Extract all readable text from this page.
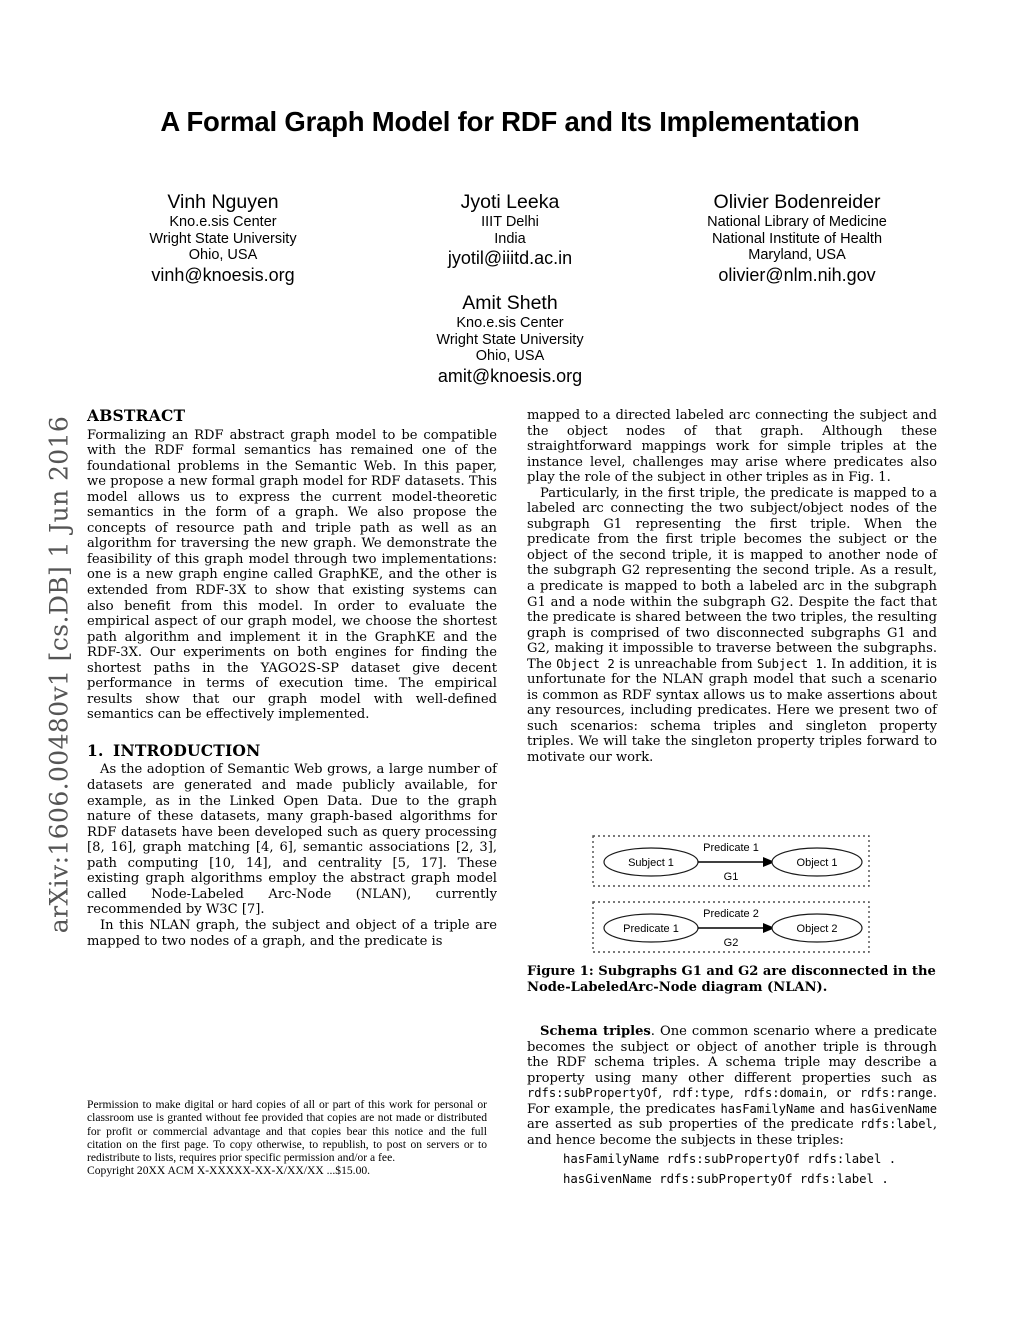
arXiv:1606.00480v1 [cs.DB] 1 Jun 2016
A Formal Graph Model for RDF and Its Implementation
Vinh Nguyen
Kno.e.sis Center
Wright State University
Ohio, USA
vinh@knoesis.org
Jyoti Leeka
IIIT Delhi
India
jyotil@iiitd.ac.in
Olivier Bodenreider
National Library of Medicine
National Institute of Health
Maryland, USA
olivier@nlm.nih.gov
Amit Sheth
Kno.e.sis Center
Wright State University
Ohio, USA
amit@knoesis.org
ABSTRACT

Formalizing an RDF abstract graph model to be compatible with the RDF formal semantics has remained one of the foundational problems in the Semantic Web. In this paper, we propose a new formal graph model for RDF datasets. This model allows us to express the current model-theoretic semantics in the form of a graph. We also propose the concepts of resource path and triple path as well as an algorithm for traversing the new graph. We demonstrate the feasibility of this graph model through two implementations: one is a new graph engine called GraphKE, and the other is extended from RDF-3X to show that existing systems can also benefit from this model. In order to evaluate the empirical aspect of our graph model, we choose the shortest path algorithm and implement it in the GraphKE and the RDF-3X. Our experiments on both engines for finding the shortest paths in the YAGO2S-SP dataset give decent performance in terms of execution time. The empirical results show that our graph model with well-defined semantics can be effectively implemented.

1. INTRODUCTION

As the adoption of Semantic Web grows, a large number of datasets are generated and made publicly available, for example, as in the Linked Open Data. Due to the graph nature of these datasets, many graph-based algorithms for RDF datasets have been developed such as query processing [8, 16], graph matching [4, 6], semantic associations [2, 3], path computing [10, 14], and centrality [5, 17]. These existing graph algorithms employ the abstract graph model called Node-Labeled Arc-Node (NLAN), currently recommended by W3C [7].

In this NLAN graph, the subject and object of a triple are mapped to two nodes of a graph, and the predicate is

mapped to a directed labeled arc connecting the subject and the object nodes of that graph. Although these straightforward mappings work for simple triples at the instance level, challenges may arise where predicates also play the role of the subject in other triples as in Fig. 1.

Particularly, in the first triple, the predicate is mapped to a labeled arc connecting the two subject/object nodes of the subgraph G1 representing the first triple. When the predicate from the first triple becomes the subject or the object of the second triple, it is mapped to another node of the subgraph G2 representing the second triple. As a result, a predicate is mapped to both a labeled arc in the subgraph G1 and a node within the subgraph G2. Despite the fact that the predicate is shared between the two triples, the resulting graph is comprised of two disconnected subgraphs G1 and G2, making it impossible to traverse between the subgraphs. The Object 2 is unreachable from Subject 1. In addition, it is unfortunate for the NLAN graph model that such a scenario is common as RDF syntax allows us to make assertions about any resources, including predicates. Here we present two of such scenarios: schema triples and singleton property triples. We will take the singleton property triples forward to motivate our work.

Subject 1
Predicate 1
G1
Object 1
Predicate 1
Predicate 2
G2
Object 2
Figure 1: Subgraphs G1 and G2 are disconnected in the Node-LabeledArc-Node diagram (NLAN).

Schema triples. One common scenario where a predicate becomes the subject or object of another triple is through the RDF schema triples. A schema triple may describe a property using many other different properties such as rdfs:subPropertyOf, rdf:type, rdfs:domain, or rdfs:range. For example, the predicates hasFamilyName and hasGivenName are asserted as sub properties of the predicate rdfs:label, and hence become the subjects in these triples:

hasFamilyName rdfs:subPropertyOf rdfs:label .
hasGivenName rdfs:subPropertyOf rdfs:label .
Permission to make digital or hard copies of all or part of this work for personal or classroom use is granted without fee provided that copies are not made or distributed for profit or commercial advantage and that copies bear this notice and the full citation on the first page. To copy otherwise, to republish, to post on servers or to redistribute to lists, requires prior specific permission and/or a fee.
Copyright 20XX ACM X-XXXXX-XX-X/XX/XX ...$15.00.
